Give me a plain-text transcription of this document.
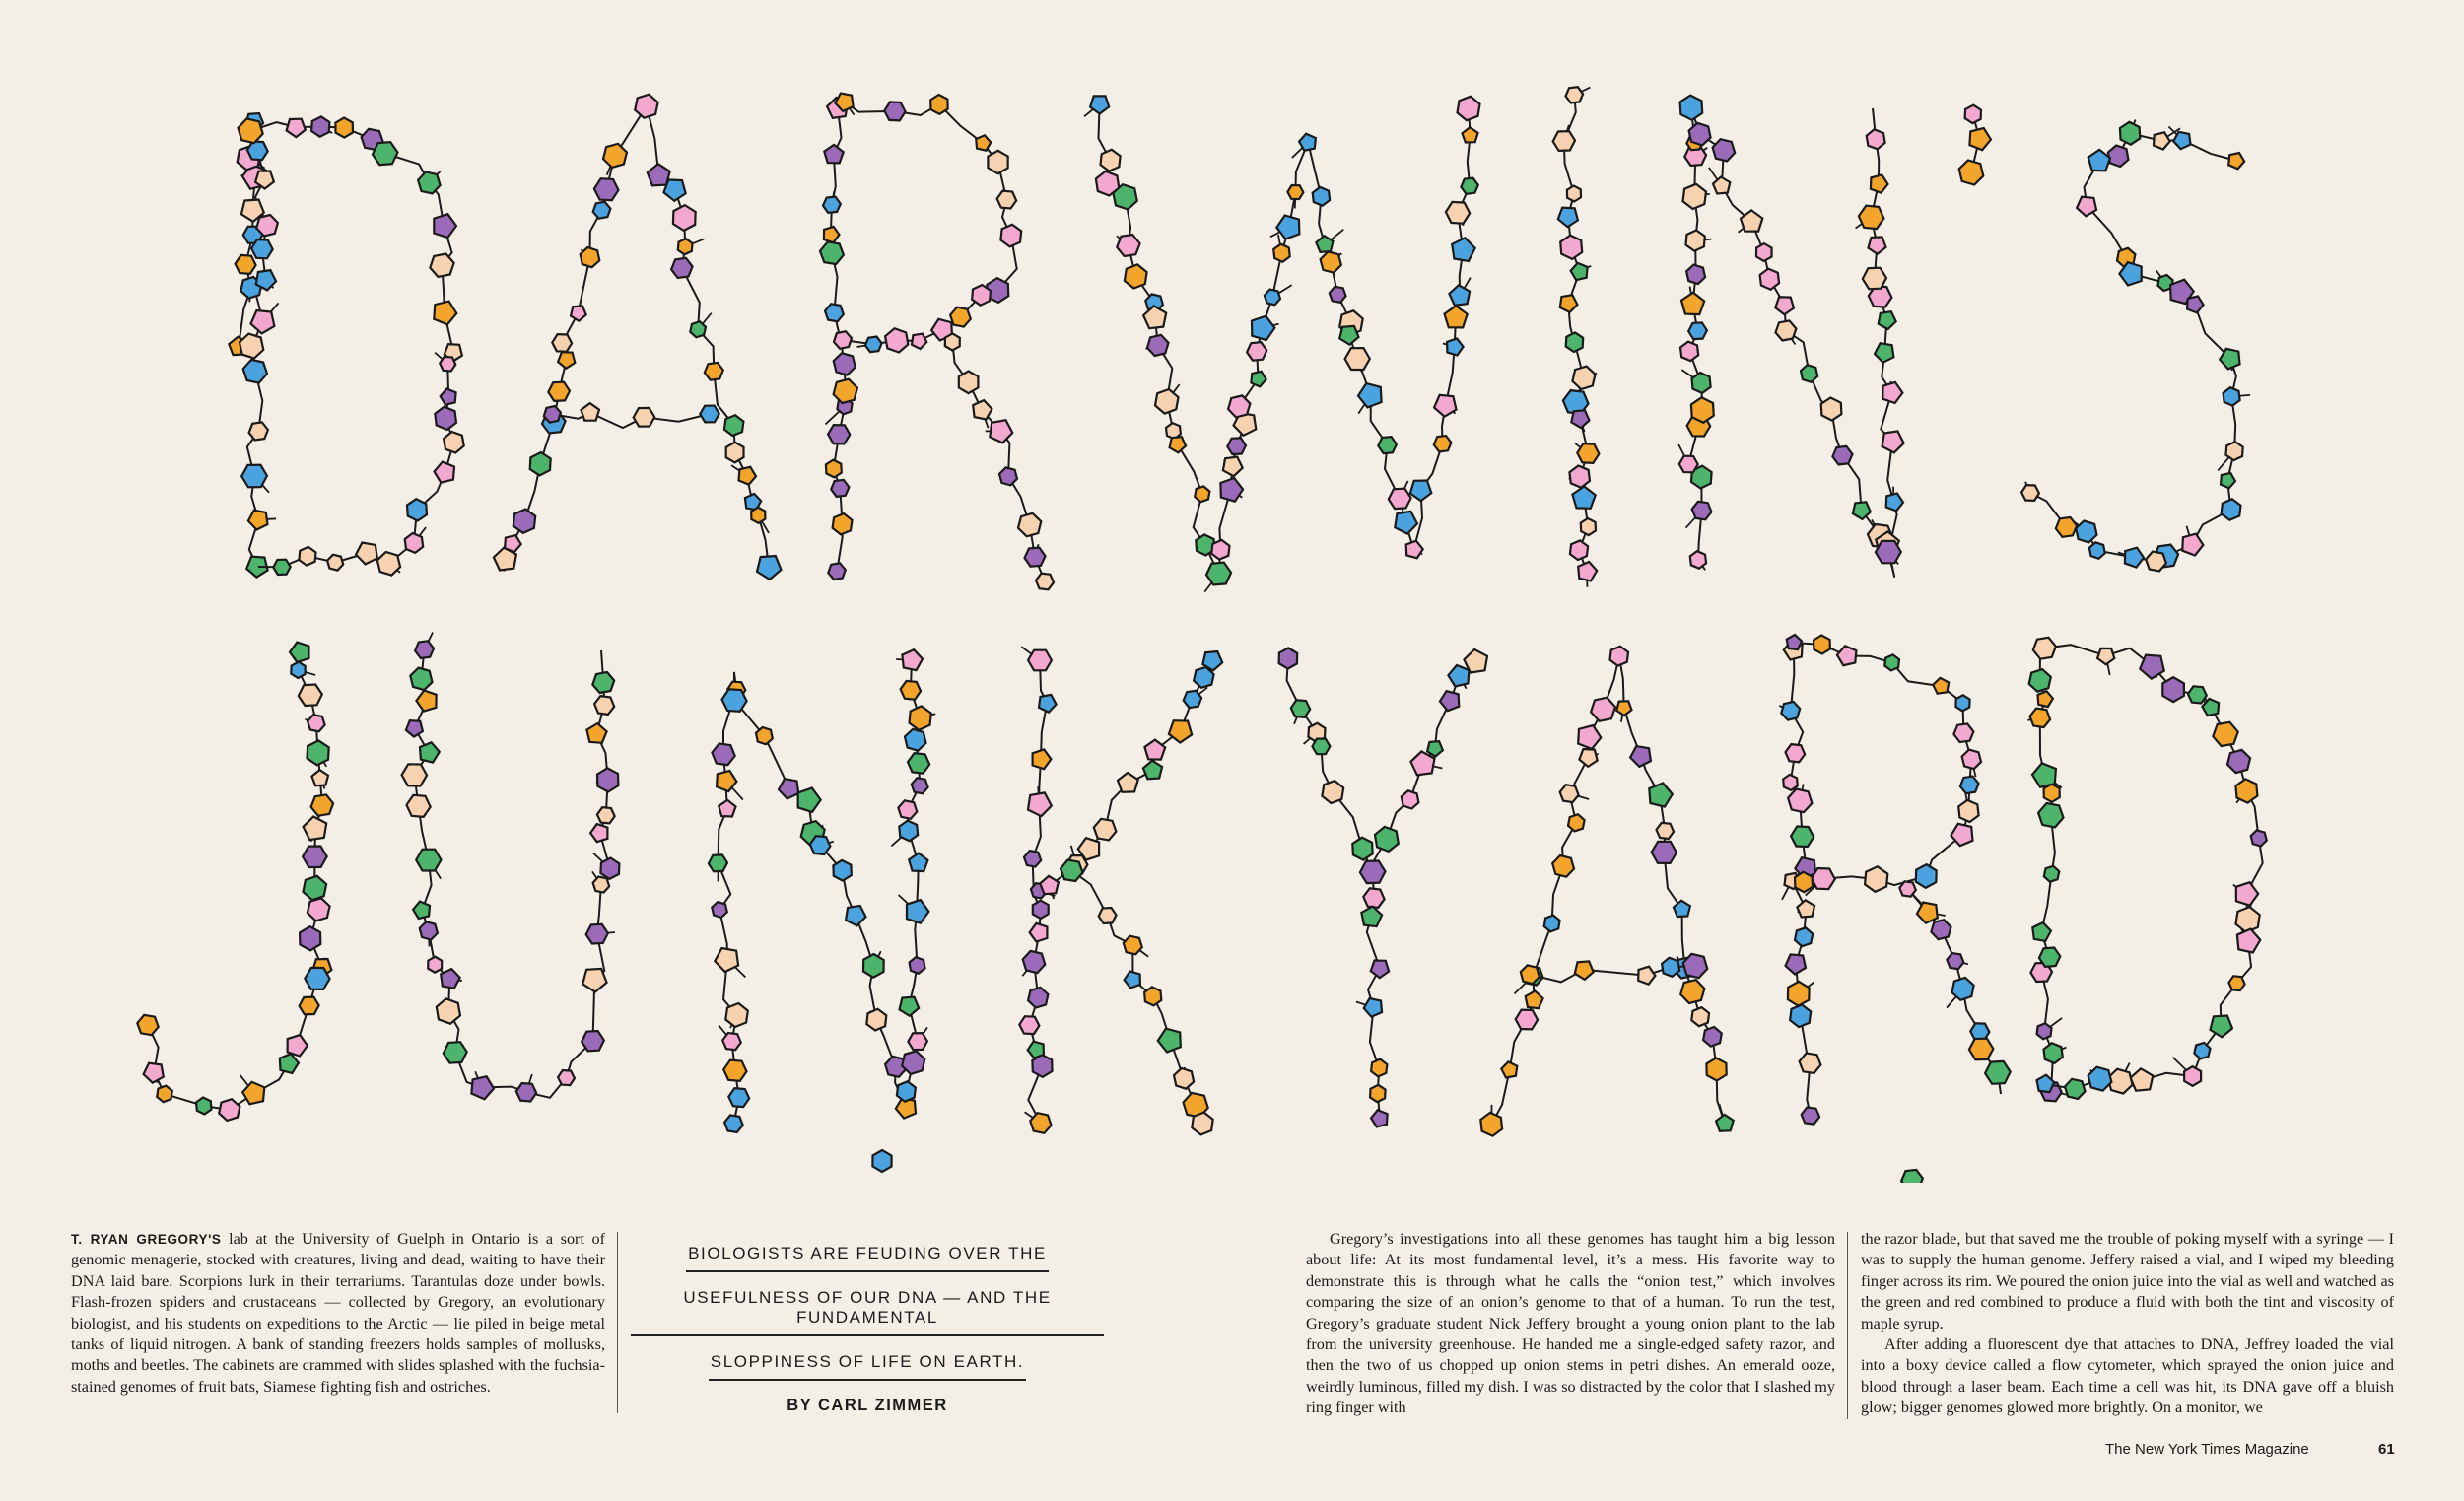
T. RYAN GREGORY'S lab at the University of Guelph in Ontario is a sort of genomic menagerie, stocked with creatures, living and dead, waiting to have their DNA laid bare. Scorpions lurk in their terrariums. Tarantulas doze under bowls. Flash-frozen spiders and crustaceans — collected by Gregory, an evolutionary biologist, and his students on expeditions to the Arctic — lie piled in beige metal tanks of liquid nitrogen. A bank of standing freezers holds samples of mollusks, moths and beetles. The cabinets are crammed with slides splashed with the fuchsia-stained genomes of fruit bats, Siamese fighting fish and ostriches.

BIOLOGISTS ARE FEUDING OVER THE
USEFULNESS OF OUR DNA — AND THE FUNDAMENTAL
SLOPPINESS OF LIFE ON EARTH.
BY CARL ZIMMER

Gregory’s investigations into all these genomes has taught him a big lesson about life: At its most fundamental level, it’s a mess. His favorite way to demonstrate this is through what he calls the “onion test,” which involves comparing the size of an onion’s genome to that of a human. To run the test, Gregory’s graduate student Nick Jeffery brought a young onion plant to the lab from the university greenhouse. He handed me a single-edged safety razor, and then the two of us chopped up onion stems in petri dishes. An emerald ooze, weirdly luminous, filled my dish. I was so distracted by the color that I slashed my ring finger with

the razor blade, but that saved me the trouble of poking myself with a syringe — I was to supply the human genome. Jeffery raised a vial, and I wiped my bleeding finger across its rim. We poured the onion juice into the vial as well and watched as the green and red combined to produce a fluid with both the tint and viscosity of maple syrup.

After adding a fluorescent dye that attaches to DNA, Jeffrey loaded the vial into a boxy device called a flow cytometer, which sprayed the onion juice and blood through a laser beam. Each time a cell was hit, its DNA gave off a bluish glow; bigger genomes glowed more brightly. On a monitor, we

The New York Times Magazine	61
